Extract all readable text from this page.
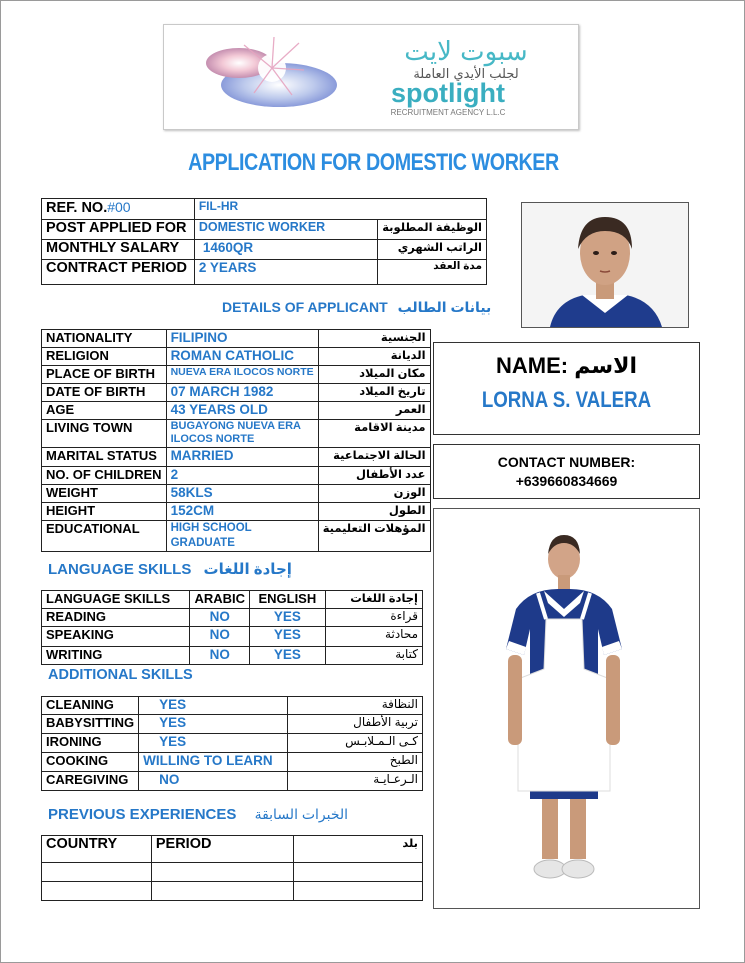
سبوت لايت
لجلب الأيدي العاملة
spotlight
RECRUITMENT AGENCY L.L.C
APPLICATION FOR DOMESTIC WORKER
REF. NO.#00	FIL-HR	
POST APPLIED FOR	DOMESTIC WORKER	الوظيفة المطلوبة
MONTHLY SALARY	1460QR	الراتب الشهري
CONTRACT PERIOD	2 YEARS	مدة العقد
DETAILS OF APPLICANT بيانات الطالب
NATIONALITY	FILIPINO	الجنسية
RELIGION	ROMAN CATHOLIC	الديانة
PLACE OF BIRTH	NUEVA ERA ILOCOS NORTE	مكان الميلاد
DATE OF BIRTH	07 MARCH 1982	تاريخ الميلاد
AGE	43 YEARS OLD	العمر
LIVING TOWN	BUGAYONG NUEVA ERA ILOCOS NORTE	مدينة الاقامة
MARITAL STATUS	MARRIED	الحالة الاجتماعية
NO. OF CHILDREN	2	عدد الأطفال
WEIGHT	58KLS	الوزن
HEIGHT	152CM	الطول
EDUCATIONAL	HIGH SCHOOL GRADUATE	المؤهلات التعليمية
LANGUAGE SKILLS إجادة اللغات
LANGUAGE SKILLS	ARABIC	ENGLISH	إجادة اللغات
READING	NO	YES	قراءة
SPEAKING	NO	YES	محادثة
WRITING	NO	YES	كتابة
ADDITIONAL SKILLS
CLEANING	YES	النظافة
BABYSITTING	YES	تربية الأطفال
IRONING	YES	كـى الـمـلابـس
COOKING	WILLING TO LEARN	الطبخ
CAREGIVING	NO	الـرعـايـة
PREVIOUS EXPERIENCES الخبرات السابقة
COUNTRY	PERIOD	بلد

NAME: الاسم
LORNA S. VALERA
CONTACT NUMBER:
+639660834669
